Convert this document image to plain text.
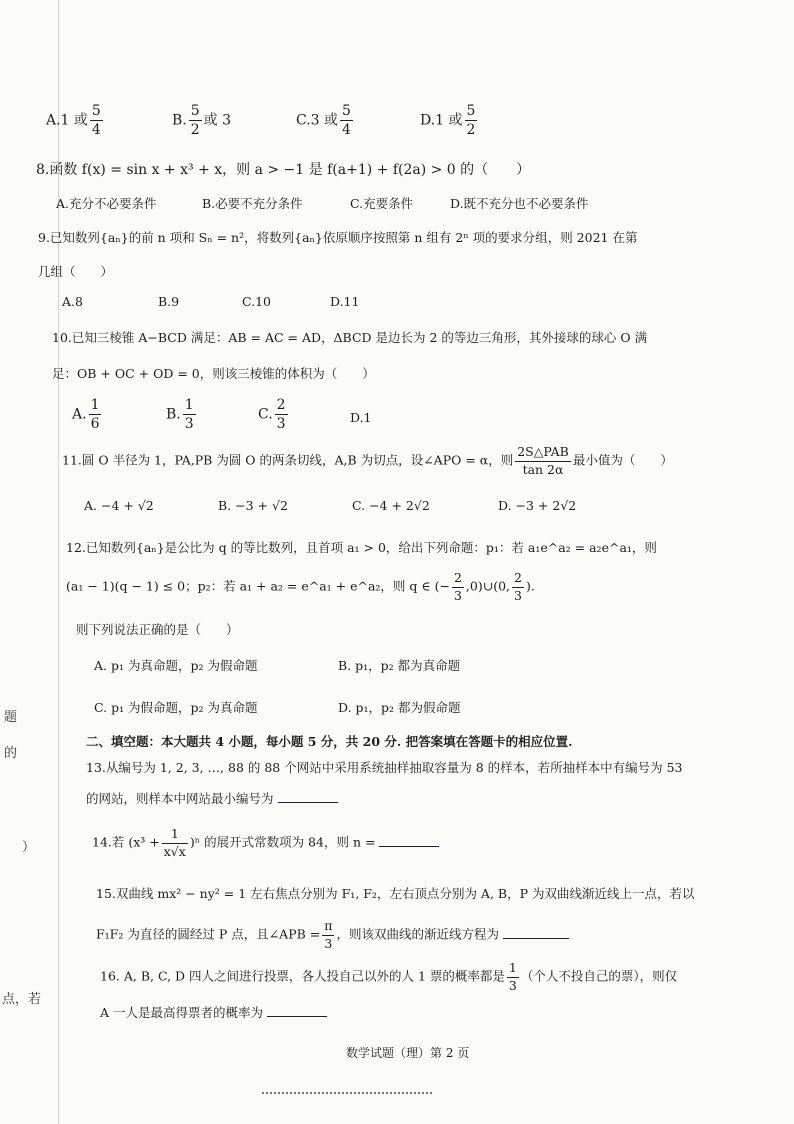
题
的
）
点，若
A.1 或 $\frac{5}{4}$	B. $\frac{5}{2}$ 或 3	C.3 或 $\frac{5}{4}$	D.1 或 $\frac{5}{2}$
8.函数 f(x) = sin x + x³ + x，则 a > −1 是 f(a+1) + f(2a) > 0 的（　　）
A.充分不必要条件	B.必要不充分条件	C.充要条件	D.既不充分也不必要条件
9.已知数列{aₙ}的前 n 项和 Sₙ = n²，将数列{aₙ}依原顺序按照第 n 组有 2ⁿ 项的要求分组，则 2021 在第
几组（　　）
A.8	B.9	C.10	D.11
10.已知三棱锥 A−BCD 满足：AB = AC = AD，ΔBCD 是边长为 2 的等边三角形，其外接球的球心 O 满
足：OB + OC + OD = 0，则该三棱锥的体积为（　　）
A. $\frac{1}{6}$	B. $\frac{1}{3}$	C. $\frac{2}{3}$	D.1
11.圆 O 半径为 1，PA,PB 为圆 O 的两条切线，A,B 为切点，设∠APO = α，则 $\frac{\text{2S△PAB}}{\tan 2\alpha}$ 最小值为（　　）
A. −4 + √2	B. −3 + √2	C. −4 + 2√2	D. −3 + 2√2
12.已知数列{aₙ}是公比为 q 的等比数列，且首项 a₁ > 0，给出下列命题：p₁：若 a₁e^a₂ = a₂e^a₁，则
(a₁ − 1)(q − 1) ≤ 0；p₂：若 a₁ + a₂ = e^a₁ + e^a₂，则 q ∈ (− $\frac{2}{3}$ ,0)∪(0, $\frac{2}{3}$ ).
则下列说法正确的是（　　）
A. p₁ 为真命题，p₂ 为假命题	B. p₁，p₂ 都为真命题
C. p₁ 为假命题，p₂ 为真命题	D. p₁，p₂ 都为假命题
二、填空题：本大题共 4 小题，每小题 5 分，共 20 分. 把答案填在答题卡的相应位置.
13.从编号为 1, 2, 3, …, 88 的 88 个网站中采用系统抽样抽取容量为 8 的样本，若所抽样本中有编号为 53
的网站，则样本中网站最小编号为
14.若 $(x^3 + \frac{1}{x√x} )^n$ 的展开式常数项为 84，则 n =
15.双曲线 mx² − ny² = 1 左右焦点分别为 F₁, F₂，左右顶点分别为 A, B，P 为双曲线渐近线上一点，若以
F₁F₂ 为直径的圆经过 P 点，且∠APB = $\frac{\pi}{3}$ ，则该双曲线的渐近线方程为
16. A, B, C, D 四人之间进行投票，各人投自己以外的人 1 票的概率都是 $\frac{1}{3}$ （个人不投自己的票），则仅
A 一人是最高得票者的概率为
数学试题（理）第 2 页
